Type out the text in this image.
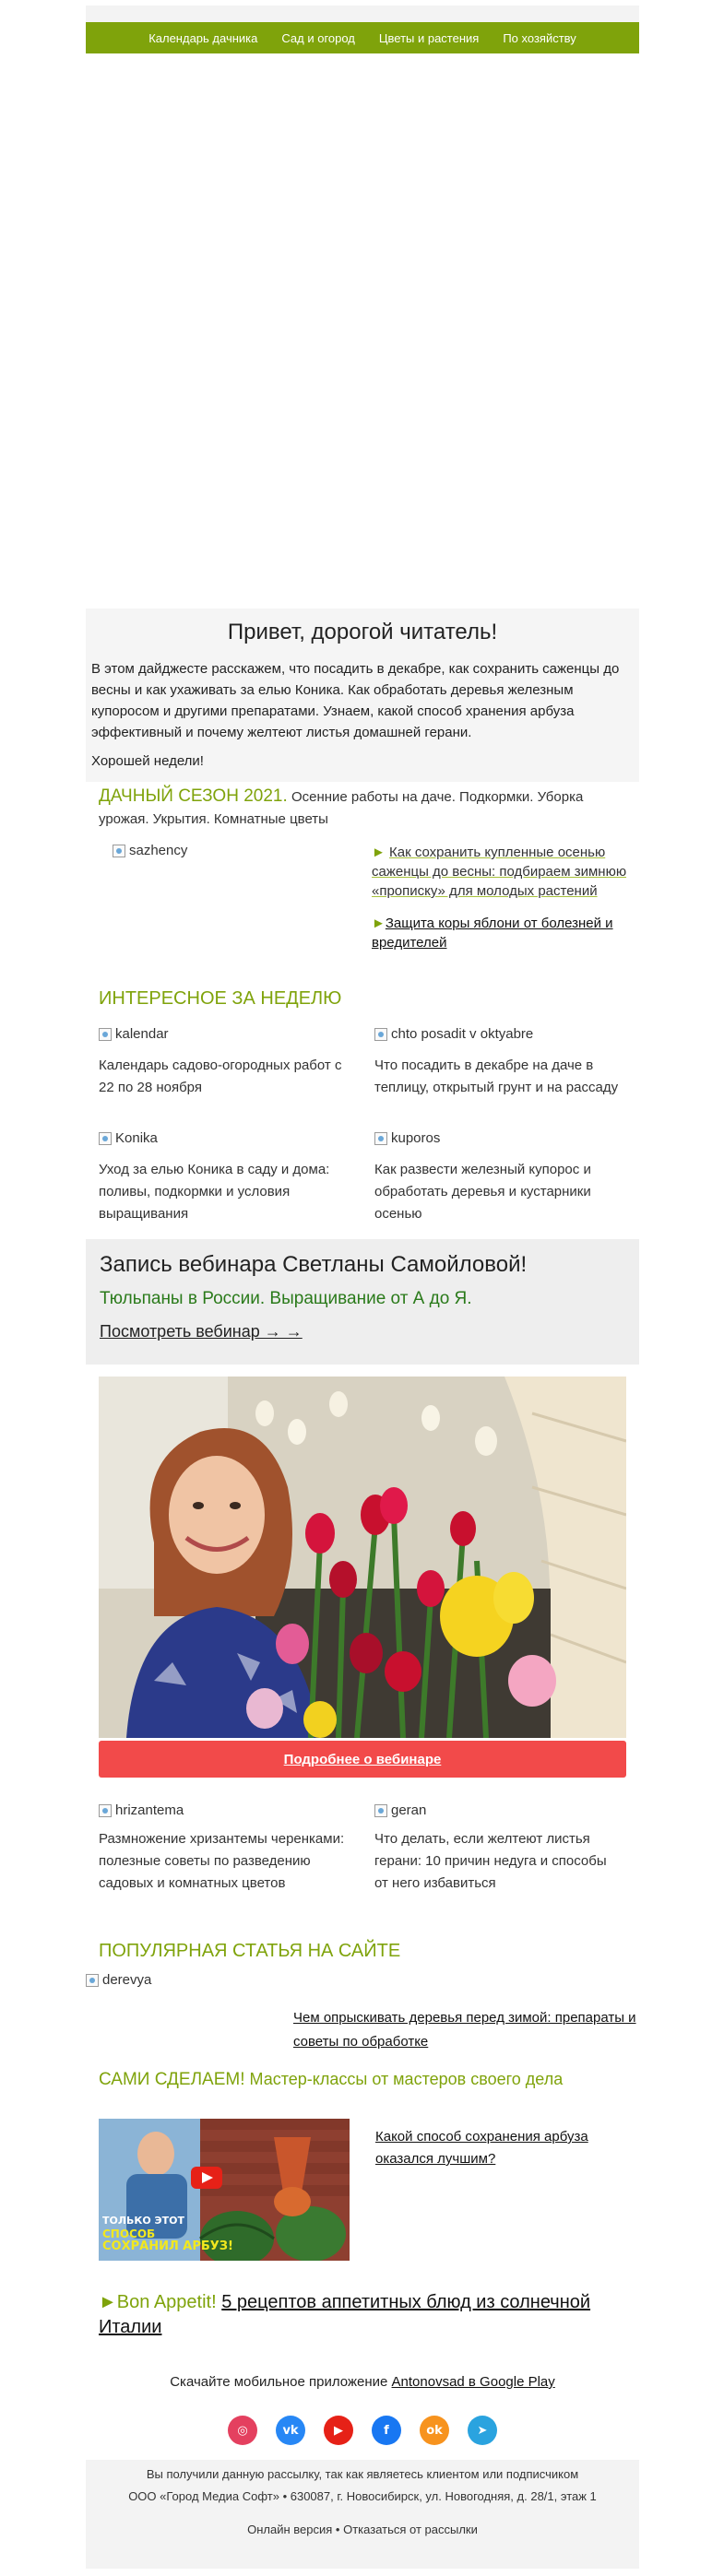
Календарь дачника Сад и огород Цветы и растения По хозяйству
Привет, дорогой читатель!

В этом дайджесте расскажем, что посадить в декабре, как сохранить саженцы до весны и как ухаживать за елью Коника. Как обработать деревья железным купоросом и другими препаратами. Узнаем, какой способ хранения арбуза эффективный и почему желтеют листья домашней герани.

Хорошей недели!

ДАЧНЫЙ СЕЗОН 2021. Осенние работы на даче. Подкормки. Уборка урожая. Укрытия. Комнатные цветы
sazhency	► Как сохранить купленные осенью саженцы до весны: подбираем зимнюю «прописку» для молодых растений
►Защита коры яблони от болезней и вредителей
ИНТЕРЕСНОЕ ЗА НЕДЕЛЮ
kalendar
Календарь садово-огородных работ с 22 по 28 ноября
chto posadit v oktyabre
Что посадить в декабре на даче в теплицу, открытый грунт и на рассаду
Konika
Уход за елью Коника в саду и дома: поливы, подкормки и условия выращивания
kuporos
Как развести железный купорос и обработать деревья и кустарники осенью
Запись вебинара Светланы Самойловой!
Тюльпаны в России. Выращивание от А до Я.
Посмотреть вебинар → →
Подробнее о вебинаре
hrizantema
Размножение хризантемы черенками: полезные советы по разведению садовых и комнатных цветов
geran
Что делать, если желтеют листья герани: 10 причин недуга и способы от него избавиться
ПОПУЛЯРНАЯ СТАТЬЯ НА САЙТЕ
derevya
Чем опрыскивать деревья перед зимой: препараты и советы по обработке
САМИ СДЕЛАЕМ! Мастер-классы от мастеров своего дела
ТОЛЬКО ЭТОТ
СПОСОБ
СОХРАНИЛ АРБУЗ!
Какой способ сохранения арбуза оказался лучшим?
►Bon Appetit! 5 рецептов аппетитных блюд из солнечной Италии
Скачайте мобильное приложение Antonovsad в Google Play
◎	vk	▶	f	ok	➤
Вы получили данную рассылку, так как являетесь клиентом или подписчиком
ООО «Город Медиа Софт» • 630087, г. Новосибирск, ул. Новогодняя, д. 28/1, этаж 1
Онлайн версия • Отказаться от рассылки
